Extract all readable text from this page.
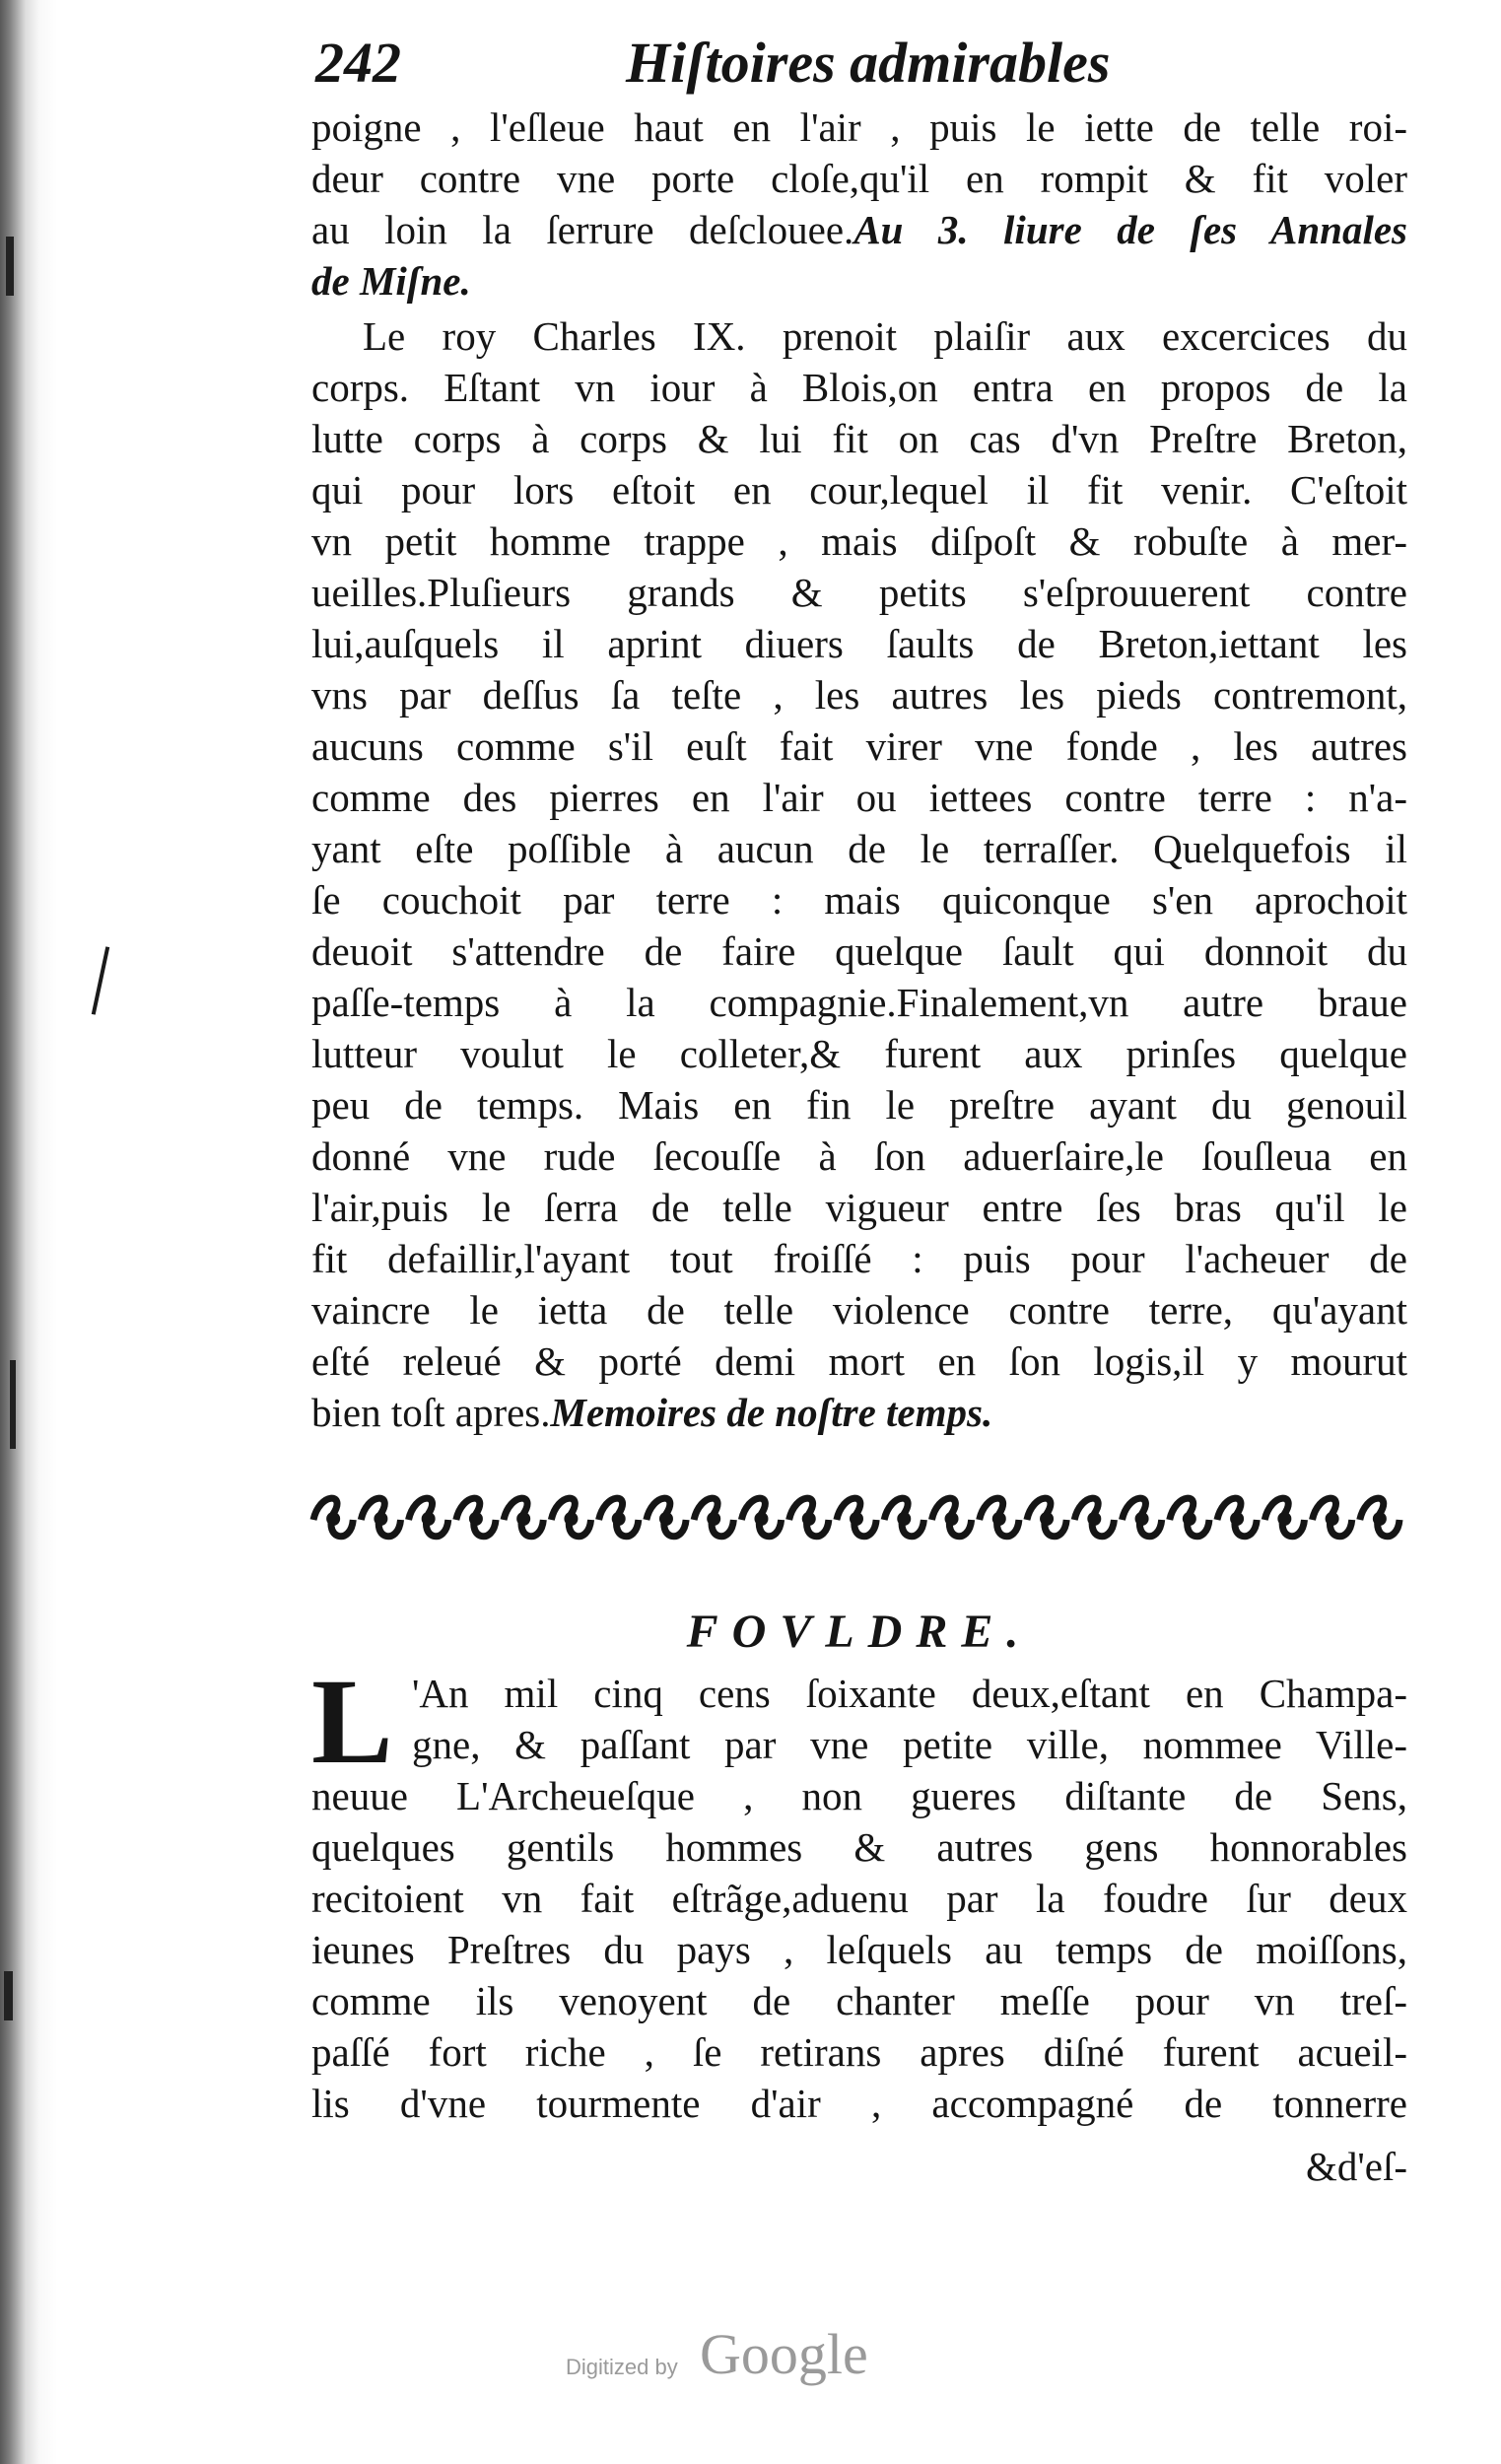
242	Hiſtoires admirables
poigne , l'eſleue haut en l'air , puis le iette de telle roi-
deur contre vne porte cloſe,qu'il en rompit & fit voler
au loin la ſerrure deſclouee.Au 3. liure de ſes Annales
de Miſne.
Le roy Charles IX. prenoit plaiſir aux excercices du
corps. Eſtant vn iour à Blois,on entra en propos de la
lutte corps à corps & lui fit on cas d'vn Preſtre Breton,
qui pour lors eſtoit en cour,lequel il fit venir. C'eſtoit
vn petit homme trappe , mais diſpoſt & robuſte à mer-
ueilles.Pluſieurs grands & petits s'eſprouuerent contre
lui,auſquels il aprint diuers ſaults de Breton,iettant les
vns par deſſus ſa teſte , les autres les pieds contremont,
aucuns comme s'il euſt fait virer vne fonde , les autres
comme des pierres en l'air ou iettees contre terre : n'a-
yant eſte poſſible à aucun de le terraſſer. Quelquefois il
ſe couchoit par terre : mais quiconque s'en aprochoit
deuoit s'attendre de faire quelque ſault qui donnoit du
paſſe-temps à la compagnie.Finalement,vn autre braue
lutteur voulut le colleter,& furent aux prinſes quelque
peu de temps. Mais en fin le preſtre ayant du genouil
donné vne rude ſecouſſe à ſon aduerſaire,le ſouſleua en
l'air,puis le ſerra de telle vigueur entre ſes bras qu'il le
fit defaillir,l'ayant tout froiſſé : puis pour l'acheuer de
vaincre le ietta de telle violence contre terre, qu'ayant
eſté releué & porté demi mort en ſon logis,il y mourut
bien toſt apres.Memoires de noſtre temps.
FOVLDRE.
L 'An mil cinq cens ſoixante deux,eſtant en Champa-
gne, & paſſant par vne petite ville, nommee Ville-
neuue L'Archeueſque , non gueres diſtante de Sens,
quelques gentils hommes & autres gens honnorables
recitoient vn fait eſtrãge,aduenu par la foudre ſur deux
ieunes Preſtres du pays , leſquels au temps de moiſſons,
comme ils venoyent de chanter meſſe pour vn treſ-
paſſé fort riche , ſe retirans apres diſné furent acueil-
lis d'vne tourmente d'air , accompagné de tonnerre
&d'eſ-
Digitized by Google
